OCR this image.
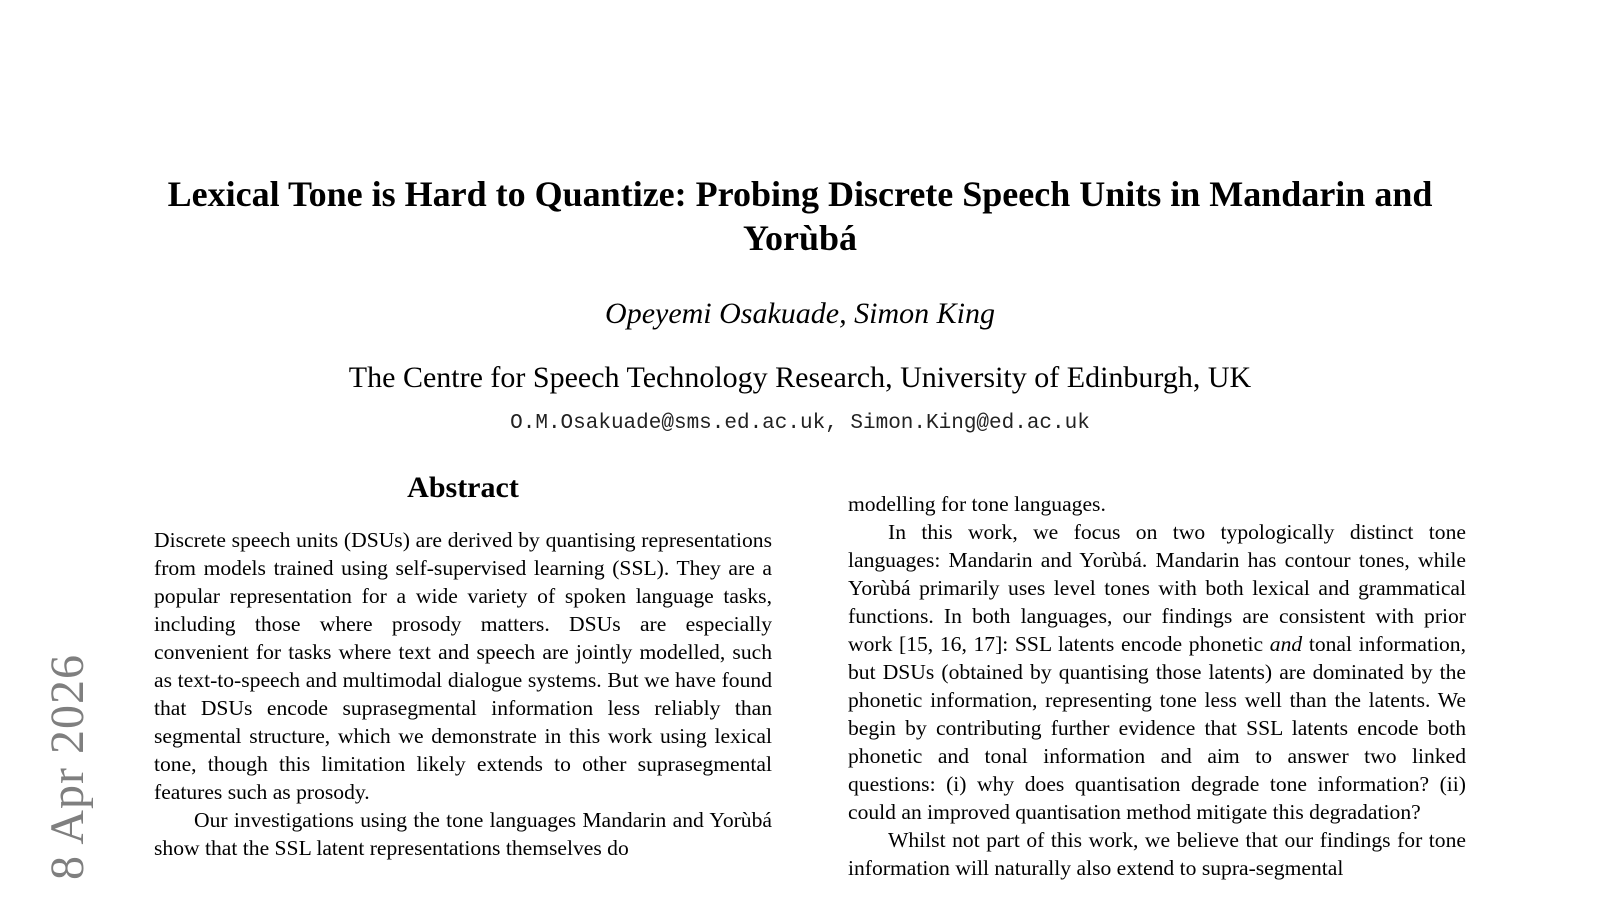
8 Apr 2026
Lexical Tone is Hard to Quantize: Probing Discrete Speech Units in Mandarin and Yorùbá
Opeyemi Osakuade, Simon King
The Centre for Speech Technology Research, University of Edinburgh, UK
O.M.Osakuade@sms.ed.ac.uk, Simon.King@ed.ac.uk
Abstract

Discrete speech units (DSUs) are derived by quantising representations from models trained using self-supervised learning (SSL). They are a popular representation for a wide variety of spoken language tasks, including those where prosody matters. DSUs are especially convenient for tasks where text and speech are jointly modelled, such as text-to-speech and multimodal dialogue systems. But we have found that DSUs encode suprasegmental information less reliably than segmental structure, which we demonstrate in this work using lexical tone, though this limitation likely extends to other suprasegmental features such as prosody.

Our investigations using the tone languages Mandarin and Yorùbá show that the SSL latent representations themselves do

modelling for tone languages.

In this work, we focus on two typologically distinct tone languages: Mandarin and Yorùbá. Mandarin has contour tones, while Yorùbá primarily uses level tones with both lexical and grammatical functions. In both languages, our findings are consistent with prior work [15, 16, 17]: SSL latents encode phonetic and tonal information, but DSUs (obtained by quantising those latents) are dominated by the phonetic information, representing tone less well than the latents. We begin by contributing further evidence that SSL latents encode both phonetic and tonal information and aim to answer two linked questions: (i) why does quantisation degrade tone information? (ii) could an improved quantisation method mitigate this degradation?

Whilst not part of this work, we believe that our findings for tone information will naturally also extend to supra-segmental
